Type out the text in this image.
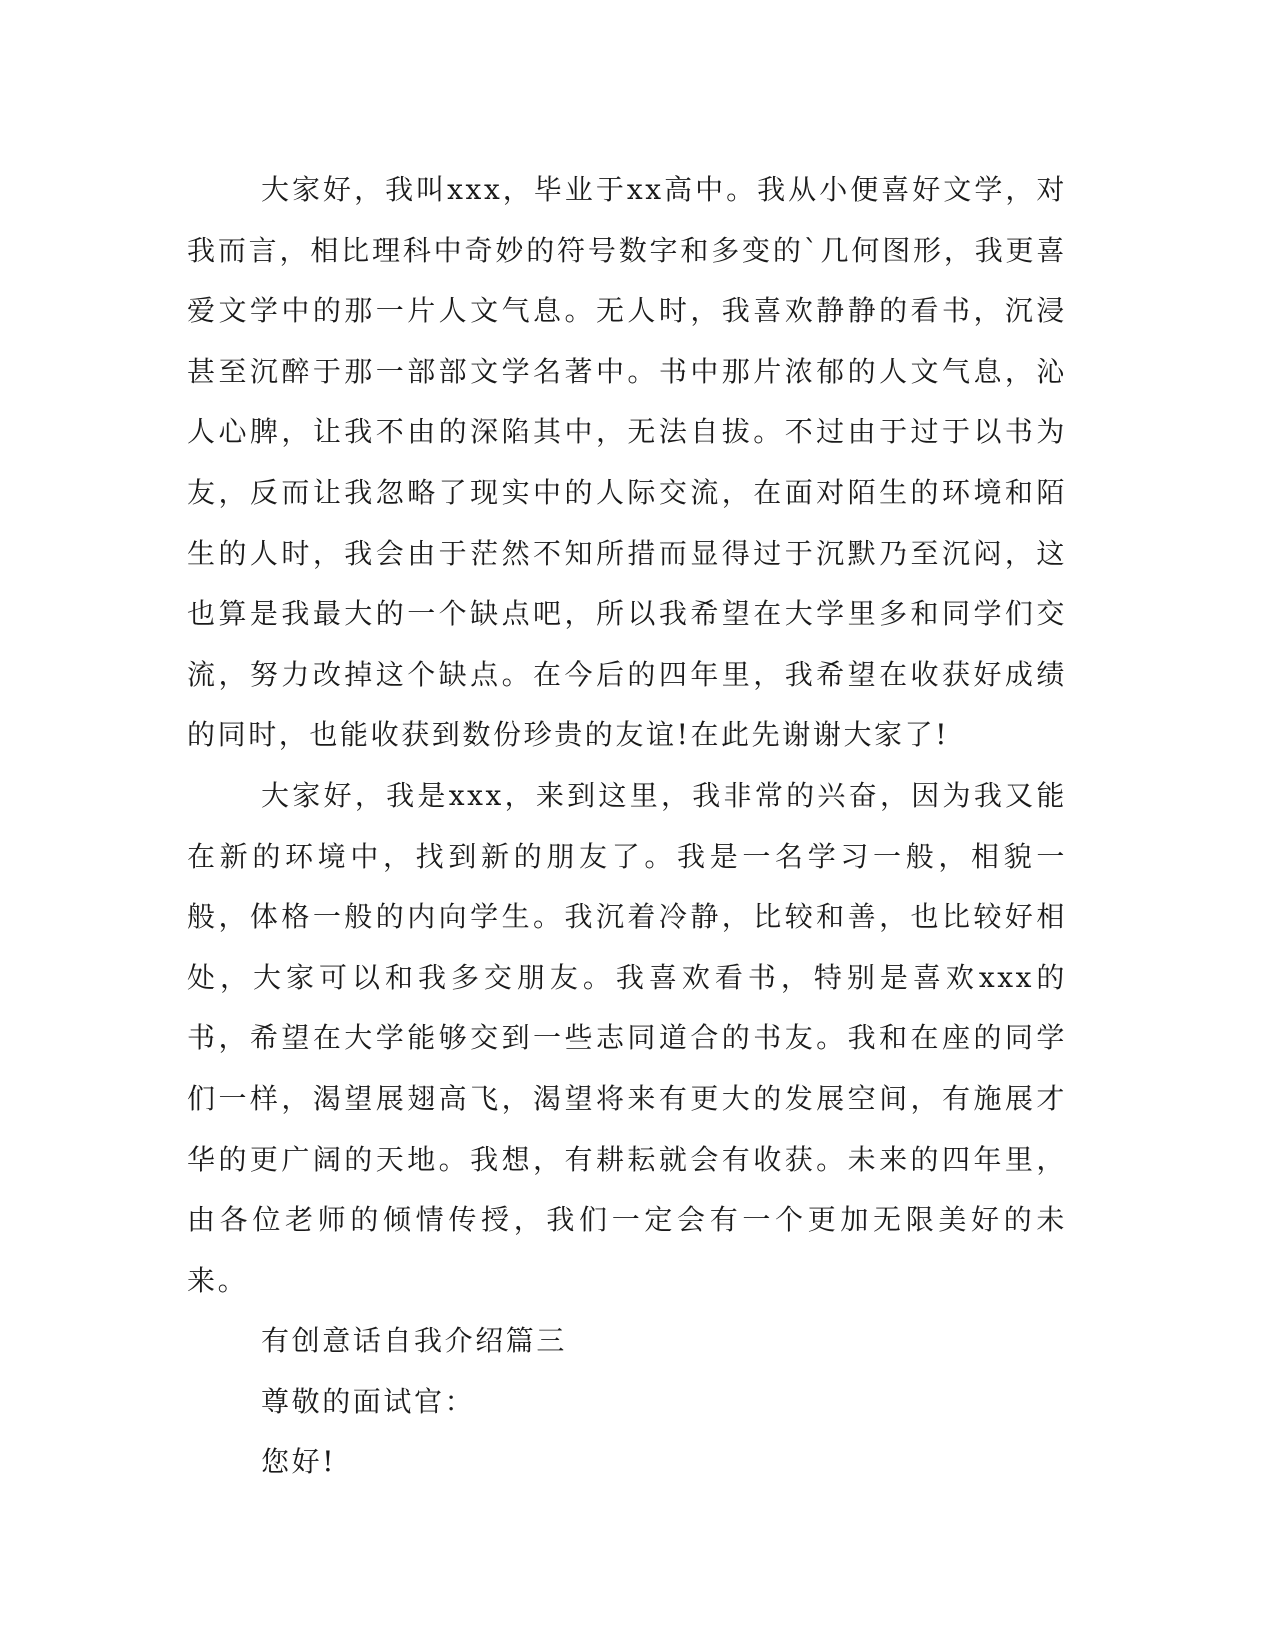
大家好，我叫xxx，毕业于xx高中。我从小便喜好文学，对我而言，相比理科中奇妙的符号数字和多变的`几何图形，我更喜爱文学中的那一片人文气息。无人时，我喜欢静静的看书，沉浸甚至沉醉于那一部部文学名著中。书中那片浓郁的人文气息，沁人心脾，让我不由的深陷其中，无法自拔。不过由于过于以书为友，反而让我忽略了现实中的人际交流，在面对陌生的环境和陌生的人时，我会由于茫然不知所措而显得过于沉默乃至沉闷，这也算是我最大的一个缺点吧，所以我希望在大学里多和同学们交流，努力改掉这个缺点。在今后的四年里，我希望在收获好成绩的同时，也能收获到数份珍贵的友谊!在此先谢谢大家了!

大家好，我是xxx，来到这里，我非常的兴奋，因为我又能在新的环境中，找到新的朋友了。我是一名学习一般，相貌一般，体格一般的内向学生。我沉着冷静，比较和善，也比较好相处，大家可以和我多交朋友。我喜欢看书，特别是喜欢xxx的书，希望在大学能够交到一些志同道合的书友。我和在座的同学们一样，渴望展翅高飞，渴望将来有更大的发展空间，有施展才华的更广阔的天地。我想，有耕耘就会有收获。未来的四年里，由各位老师的倾情传授，我们一定会有一个更加无限美好的未来。

有创意话自我介绍篇三

尊敬的面试官：

您好!
